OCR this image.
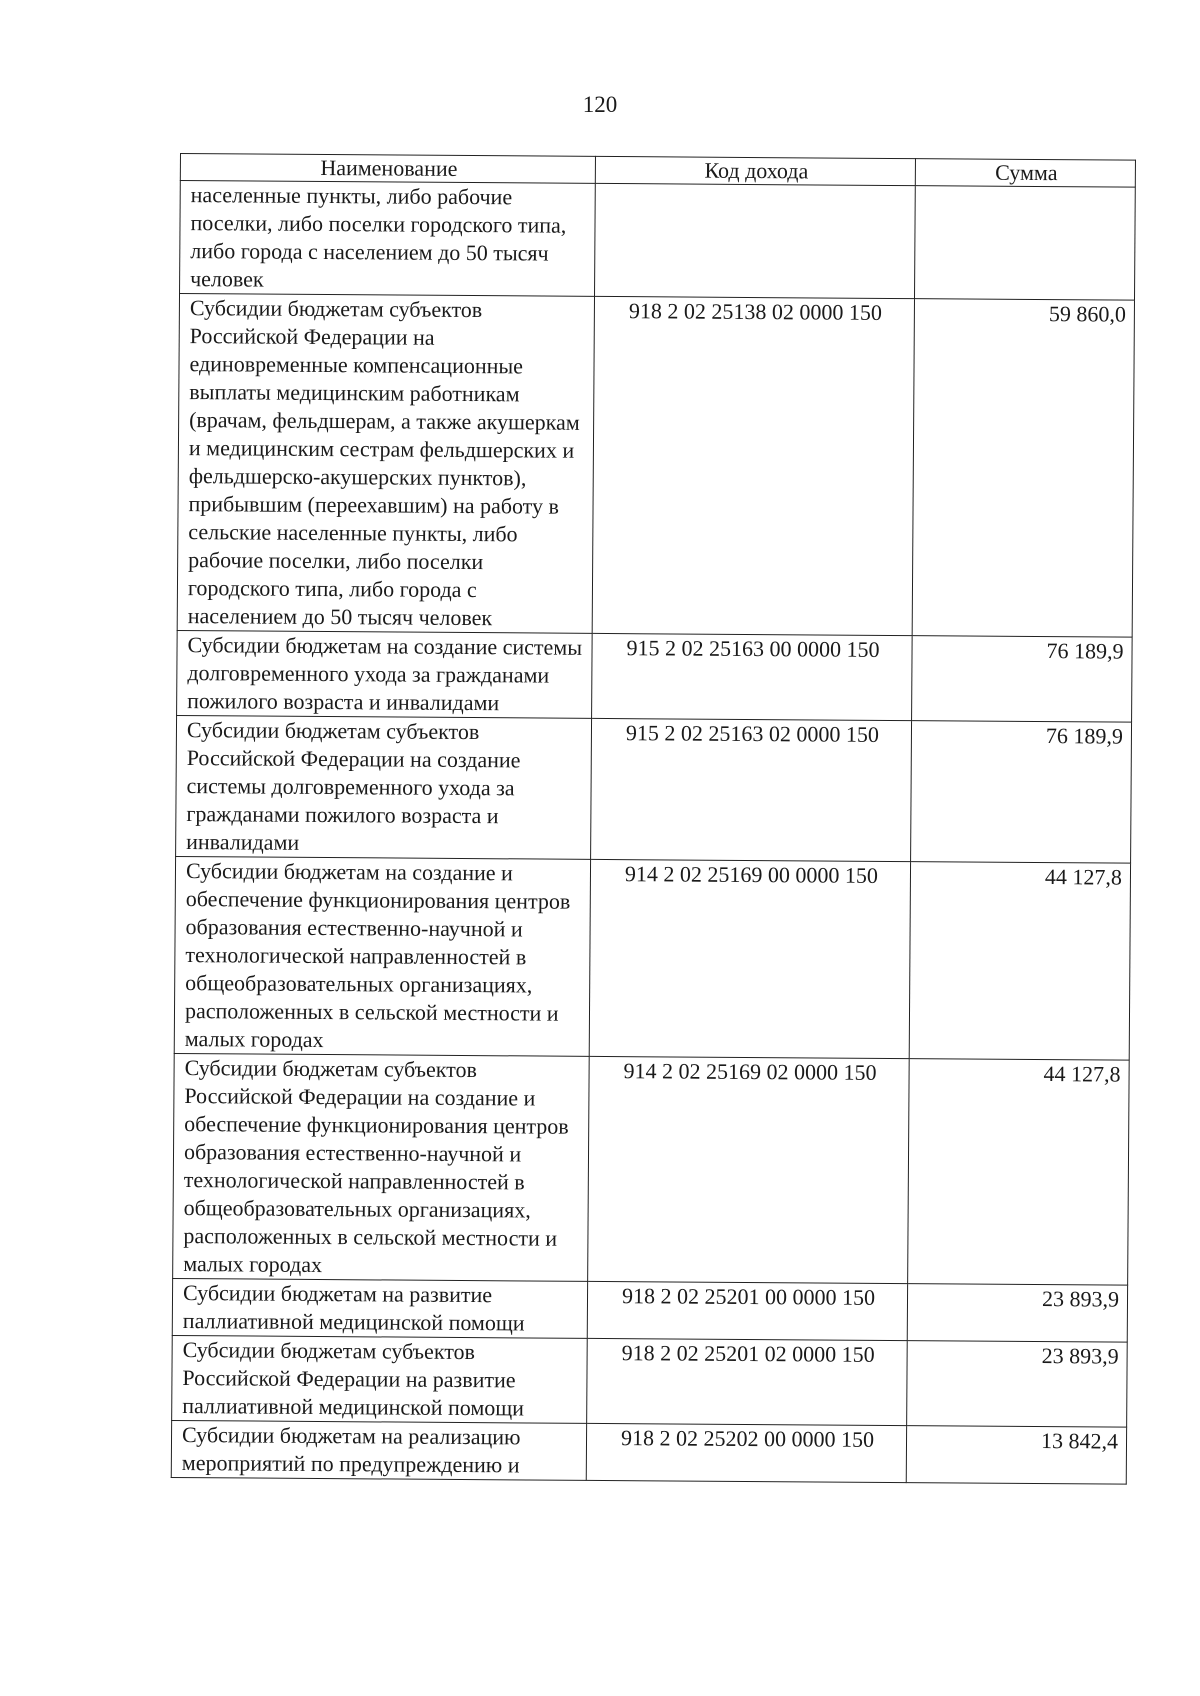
120
Наименование	Код дохода	Сумма
населенные пункты, либо рабочие поселки, либо поселки городского типа, либо города с населением до 50 тысяч человек		
Субсидии бюджетам субъектов Российской Федерации на единовременные компенсационные выплаты медицинским работникам (врачам, фельдшерам, а также акушеркам и медицинским сестрам фельдшерских и фельдшерско-акушерских пунктов), прибывшим (переехавшим) на работу в сельские населенные пункты, либо рабочие поселки, либо поселки городского типа, либо города с населением до 50 тысяч человек	918 2 02 25138 02 0000 150	59 860,0
Субсидии бюджетам на создание системы долговременного ухода за гражданами пожилого возраста и инвалидами	915 2 02 25163 00 0000 150	76 189,9
Субсидии бюджетам субъектов Российской Федерации на создание системы долговременного ухода за гражданами пожилого возраста и инвалидами	915 2 02 25163 02 0000 150	76 189,9
Субсидии бюджетам на создание и обеспечение функционирования центров образования естественно-научной и технологической направленностей в общеобразовательных организациях, расположенных в сельской местности и малых городах	914 2 02 25169 00 0000 150	44 127,8
Субсидии бюджетам субъектов Российской Федерации на создание и обеспечение функционирования центров образования естественно-научной и технологической направленностей в общеобразовательных организациях, расположенных в сельской местности и малых городах	914 2 02 25169 02 0000 150	44 127,8
Субсидии бюджетам на развитие паллиативной медицинской помощи	918 2 02 25201 00 0000 150	23 893,9
Субсидии бюджетам субъектов Российской Федерации на развитие паллиативной медицинской помощи	918 2 02 25201 02 0000 150	23 893,9
Субсидии бюджетам на реализацию мероприятий по предупреждению и	918 2 02 25202 00 0000 150	13 842,4
